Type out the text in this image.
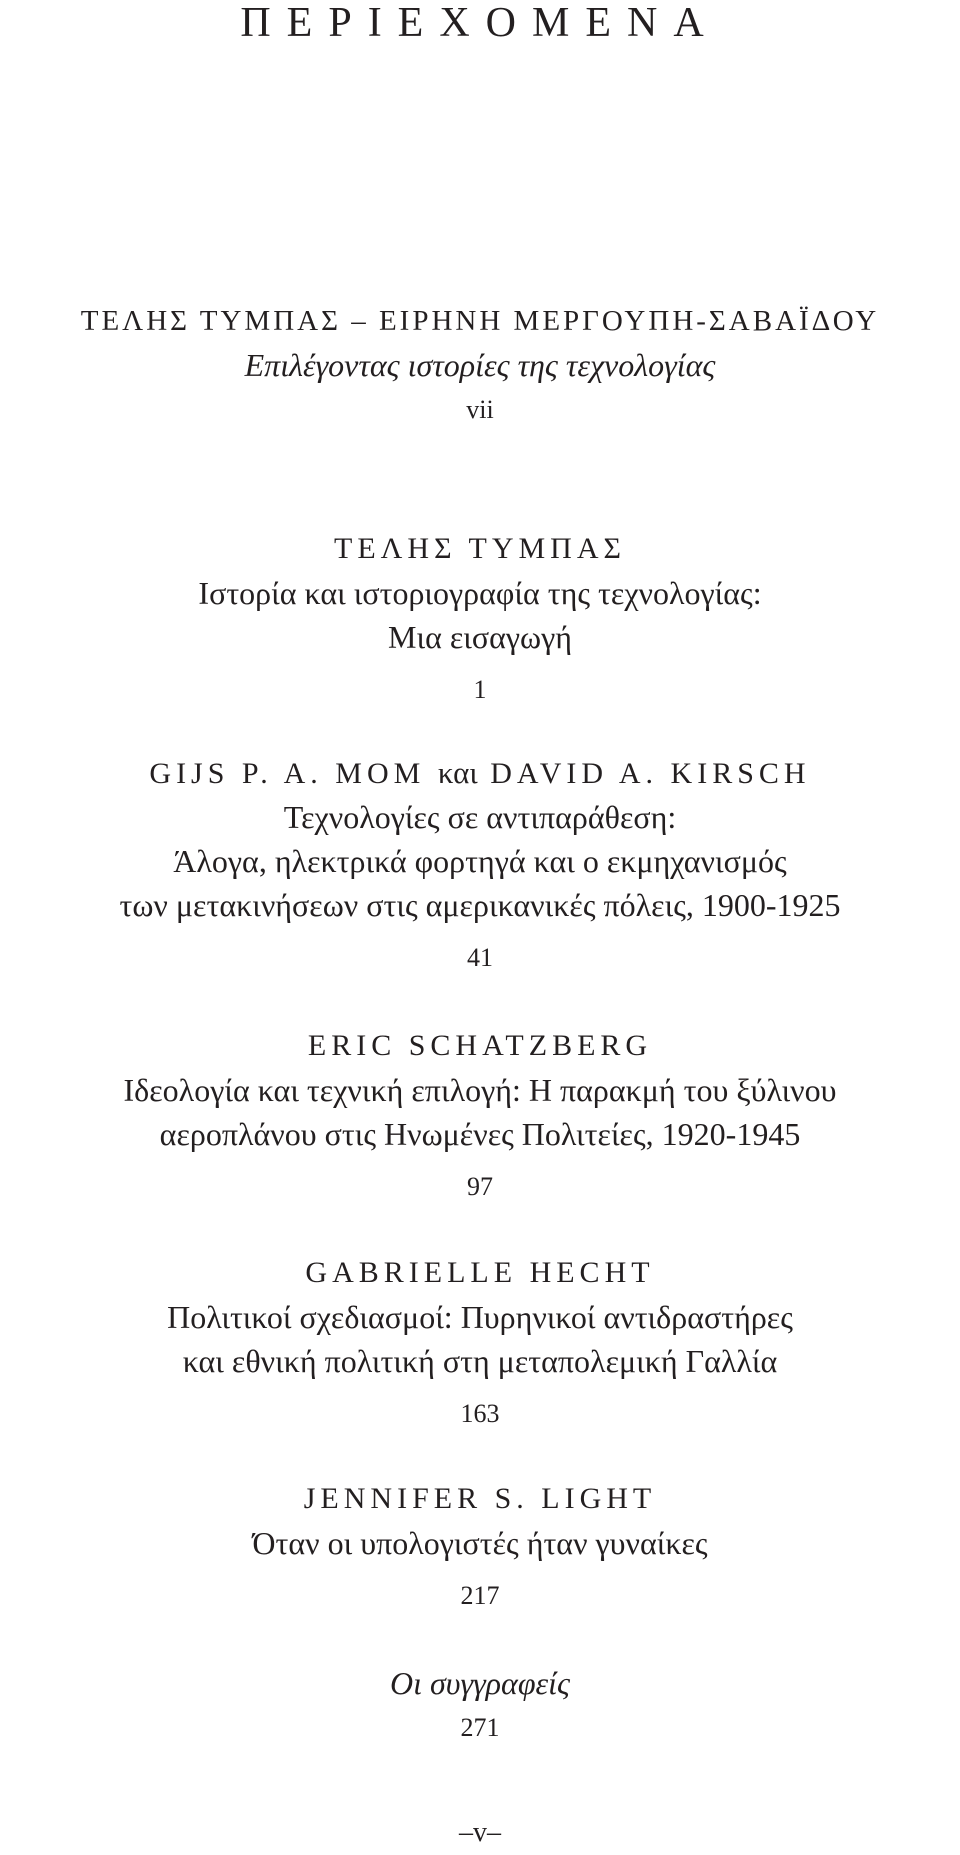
ΠΕΡΙΕΧΟΜΕΝΑ
ΤΕΛΗΣ ΤΥΜΠΑΣ – ΕΙΡΗΝΗ ΜΕΡΓΟΥΠΗ-ΣΑΒΑΪΔΟΥ
Επιλέγοντας ιστορίες της τεχνολογίας
vii
ΤΕΛΗΣ ΤΥΜΠΑΣ
Ιστορία και ιστοριογραφία της τεχνολογίας:
Μια εισαγωγή
1
GIJS P. A. MOM και DAVID A. KIRSCH
Τεχνολογίες σε αντιπαράθεση:
Άλογα, ηλεκτρικά φορτηγά και ο εκμηχανισμός
των μετακινήσεων στις αμερικανικές πόλεις, 1900-1925
41
ERIC SCHATZBERG
Ιδεολογία και τεχνική επιλογή: Η παρακμή του ξύλινου
αεροπλάνου στις Ηνωμένες Πολιτείες, 1920-1945
97
GABRIELLE HECHT
Πολιτικοί σχεδιασμοί: Πυρηνικοί αντιδραστήρες
και εθνική πολιτική στη μεταπολεμική Γαλλία
163
JENNIFER S. LIGHT
Όταν οι υπολογιστές ήταν γυναίκες
217
Οι συγγραφείς
271
–v–
